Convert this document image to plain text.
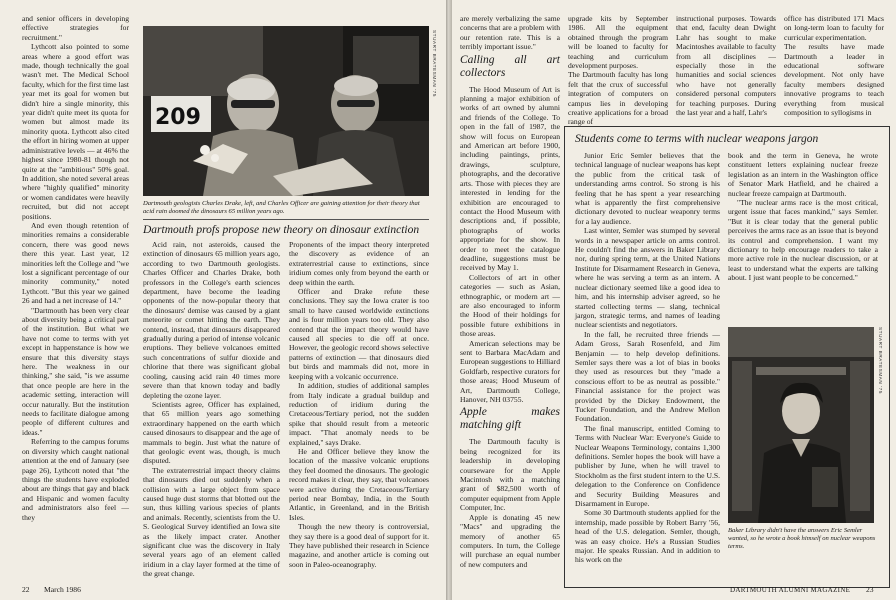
and senior officers in developing effective strategies for recruitment."

Lythcott also pointed to some areas where a good effort was made, though technically the goal wasn't met. The Medical School faculty, which for the first time last year met its goal for women but didn't hire a single minority, this year didn't quite meet its quota for women but almost made its minority quota. Lythcott also cited the effort in hiring women at upper administrative levels — at 46% the highest since 1980-81 though not quite at the "ambitious" 50% goal. In addition, she noted several areas where "highly qualified" minority or women candidates were heavily recruited, but did not accept positions.

And even though retention of minorities remains a considerable concern, there was good news there this year. Last year, 12 minorities left the College and "we lost a significant percentage of our minority community," noted Lythcott. "But this year we gained 26 and had a net increase of 14."

"Dartmouth has been very clear about diversity being a critical part of the institution. But what we have not come to terms with yet except in happenstance is how we ensure that this diversity stays here. The weakness in our thinking," she said, "is we assume that once people are here in the academic setting, interaction will occur naturally. But the institution needs to facilitate dialogue among people of different cultures and ideas."

Referring to the campus forums on diversity which caught national attention at the end of January (see page 26), Lythcott noted that "the things the students have exploded about are things that gay and black and Hispanic and women faculty and administrators also feel — they

209
STUART BRATESMAN '75
Dartmouth geologists Charles Drake, left, and Charles Officer are gaining attention for their theory that acid rain doomed the dinosaurs 65 million years ago.
Dartmouth profs propose new theory on dinosaur extinction

Acid rain, not asteroids, caused the extinction of dinosaurs 65 million years ago, according to two Dartmouth geologists. Charles Officer and Charles Drake, both professors in the College's earth sciences department, have become the leading opponents of the now-popular theory that the dinosaurs' demise was caused by a giant meteorite or comet hitting the earth. They contend, instead, that dinosaurs disappeared gradually during a period of intense volcanic eruptions. They believe volcanoes emitted such concentrations of sulfur dioxide and chlorine that there was significant global cooling, causing acid rain 40 times more severe than that known today and badly depleting the ozone layer.

Scientists agree, Officer has explained, that 65 million years ago something extraordinary happened on the earth which caused dinosaurs to disappear and the age of mammals to begin. Just what the nature of that geologic event was, though, is much disputed.

The extraterrestrial impact theory claims that dinosaurs died out suddenly when a collision with a large object from space caused huge dust storms that blotted out the sun, thus killing various species of plants and animals. Recently, scientists from the U. S. Geological Survey identified an Iowa site as the likely impact crater. Another significant clue was the discovery in Italy several years ago of an element called iridium in a clay layer formed at the time of the great change.

Proponents of the impact theory interpreted the discovery as evidence of an extraterrestrial cause to extinctions, since iridium comes only from beyond the earth or deep within the earth.

Officer and Drake refute these conclusions. They say the Iowa crater is too small to have caused worldwide extinctions and is four million years too old. They also contend that the impact theory would have caused all species to die off at once. However, the geologic record shows selective patterns of extinction — that dinosaurs died but birds and mammals did not, more in keeping with a volcanic occurrence.

In addition, studies of additional samples from Italy indicate a gradual buildup and reduction of iridium during the Cretaceous/Tertiary period, not the sudden spike that should result from a meteoric impact. "That anomaly needs to be explained," says Drake.

He and Officer believe they know the location of the massive volcanic eruptions they feel doomed the dinosaurs. The geologic record makes it clear, they say, that volcanoes were active during the Cretaceous/Tertiary period near Bombay, India, in the South Atlantic, in Greenland, and in the British Isles.

Though the new theory is controversial, they say there is a good deal of support for it. They have published their research in Science magazine, and another article is coming out soon in Paleo-oceanography.

22 March 1986

are merely verbalizing the same concerns that are a problem with our retention rate. This is a terribly important issue."

Calling all art collectors

The Hood Museum of Art is planning a major exhibition of works of art owned by alumni and friends of the College. To open in the fall of 1987, the show will focus on European and American art before 1900, including paintings, prints, drawings, sculpture, photographs, and the decorative arts. Those with pieces they are interested in lending for the exhibition are encouraged to contact the Hood Museum with descriptions and, if possible, photographs of works appropriate for the show. In order to meet the catalogue deadline, suggestions must be received by May 1.

Collectors of art in other categories — such as Asian, ethnographic, or modern art — are also encouraged to inform the Hood of their holdings for possible future exhibitions in those areas.

American selections may be sent to Barbara MacAdam and European suggestions to Hilliard Goldfarb, respective curators for those areas; Hood Museum of Art, Dartmouth College, Hanover, NH 03755.

Apple makes matching gift

The Dartmouth faculty is being recognized for its leadership in developing courseware for the Apple Macintosh with a matching grant of $82,500 worth of computer equipment from Apple Computer, Inc.

Apple is donating 45 new "Macs" and upgrading the memory of another 65 computers. In turn, the College will purchase an equal number of new computers and

upgrade kits by September 1986. All the equipment obtained through the program will be loaned to faculty for teaching and curriculum development purposes.
The Dartmouth faculty has long felt that the crux of successful integration of computers on campus lies in developing creative applications for a broad range of

instructional purposes. Towards that end, faculty dean Dwight Lahr has sought to make Macintoshes available to faculty from all disciplines — especially those in the humanities and social sciences who have not generally considered personal computers for teaching purposes. During the last year and a half, Lahr's

office has distributed 171 Macs on long-term loan to faculty for curricular experimentation.
The results have made Dartmouth a leader in educational software development. Not only have faculty members designed innovative programs to teach everything from musical composition to syllogisms in

Students come to terms with nuclear weapons jargon

Junior Eric Semler believes that the technical language of nuclear weapons has kept the public from the critical task of understanding arms control. So strong is his feeling that he has spent a year researching what is apparently the first comprehensive dictionary devoted to nuclear weaponry terms for a lay audience.

Last winter, Semler was stumped by several words in a newspaper article on arms control. He couldn't find the answers in Baker Library nor, during spring term, at the United Nations Institute for Disarmament Research in Geneva, where he was serving a term as an intern. A nuclear dictionary seemed like a good idea to him, and his internship adviser agreed, so he started collecting terms — slang, technical jargon, strategic terms, and names of leading nuclear scientists and negotiators.

In the fall, he recruited three friends — Adam Gross, Sarah Rosenfeld, and Jim Benjamin — to help develop definitions. Semler says there was a lot of bias in books they used as resources but they "made a conscious effort to be as neutral as possible." Financial assistance for the project was provided by the Dickey Endowment, the Tucker Foundation, and the Andrew Mellon Foundation.

The final manuscript, entitled Coming to Terms with Nuclear War: Everyone's Guide to Nuclear Weapons Terminology, contains 1,300 definitions. Semler hopes the book will have a publisher by June, when he will travel to Stockholm as the first student intern to the U.S. delegation to the Conference on Confidence and Security Building Measures and Disarmament in Europe.

Some 30 Dartmouth students applied for the internship, made possible by Robert Barry '56, head of the U.S. delegation. Semler, though, was an easy choice. He's a Russian Studies major. He speaks Russian. And in addition to his work on the

book and the term in Geneva, he wrote constituent letters explaining nuclear freeze legislation as an intern in the Washington office of Senator Mark Hatfield, and he chaired a nuclear freeze campaign at Dartmouth.

"The nuclear arms race is the most critical, urgent issue that faces mankind," says Semler. "But it is clear today that the general public perceives the arms race as an issue that is beyond its control and comprehension. I want my dictionary to help encourage readers to take a more active role in the nuclear discussion, or at least to understand what the experts are talking about. I just want people to be concerned."

STUART BRATESMAN '75
Baker Library didn't have the answers Eric Semler wanted, so he wrote a book himself on nuclear weapons terms.
DARTMOUTH ALUMNI MAGAZINE 23
